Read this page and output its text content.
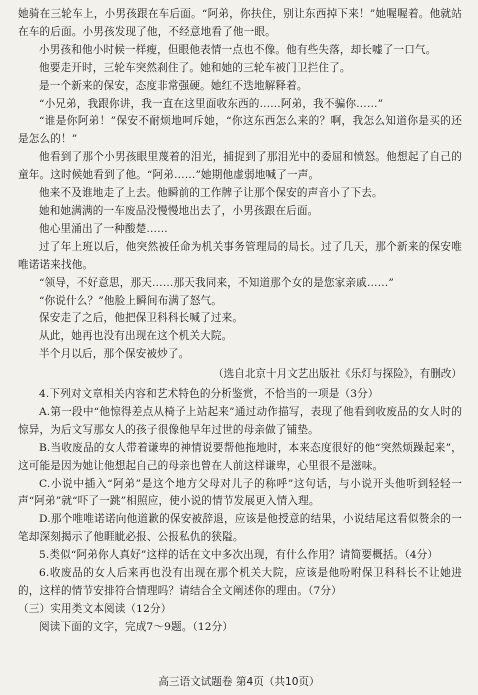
她骑在三轮车上，小男孩跟在车后面。“阿弟，你扶住，别让东西掉下来！”她喔喔着。他就站在车的后面。小男孩发现了他，不经意地看了他一眼。

小男孩和他小时候一样瘦，但眼他表情一点也不像。他有些失落，却长嘘了一口气。

他要走开时，三轮车突然刹住了。她和她的三轮车被门卫拦住了。

是一个新来的保安，态度非常强硬。她红不迭地解释着。

“小兄弟，我跟你讲，我一直在这里面收东西的……阿弟，我不骗你……”

“谁是你阿弟！”保安不耐烦地呵斥她，“你这东西怎么来的？啊，我怎么知道你是买的还是怎么的！”

他看到了那个小男孩眼里蔑着的泪光，捕捉到了那泪光中的委屈和愤怒。他想起了自己的童年。这时候她看到了他。“阿弟……”她期他虚弱地喊了一声。

他来不及谁地走了上去。他瞬前的工作牌子让那个保安的声音小了下去。

她和她满满的一车废品没慢慢地出去了，小男孩跟在后面。

他心里涌出了一种酸楚……

过了年上班以后，他突然被任命为机关事务管理局的局长。过了几天，那个新来的保安唯唯诺诺来找他。

“领导，不好意思，那天……那天我同来，不知道那个女的是您家亲戚……”

“你说什么？”他脸上瞬间布满了怒气。

保安走了之后，他把保卫科科长喊了过来。

从此，她再也没有出现在这个机关大院。

半个月以后，那个保安被炒了。

（选自北京十月文艺出版社《乐灯与探险》，有删改）

4.下列对文章相关内容和艺术特色的分析鉴赏，不恰当的一项是（3分）

A.第一段中“他惊得差点从椅子上站起来”通过动作描写，表现了他看到收废品的女人时的惊异，为后文写那女人的孩子很像他早年过世的母亲做了铺垫。

B.当收废品的女人带着谦卑的神情说要帮他拖地时，本来态度很好的他“突然烦躁起来”，这可能是因为她让他想起自己的母亲也曾在人前这样谦卑，心里很不是滋味。

C.小说中插入“阿弟”是这个地方父母对儿子的称呼”这句话，与小说开头他听到轻轻一声“阿弟”就“吓了一跳”相照应，使小说的情节发展更入情入理。

D.那个唯唯诺诺向他道歉的保安被辞退，应该是他授意的结果，小说结尾这看似赘余的一笔却深刻揭示了他睚眦必报、公报私仇的狭隘。

5.类似“阿弟你人真好”这样的话在文中多次出现，有什么作用？请简要概括。（4分）

6.收废品的女人后来再也没有出现在那个机关大院，应该是他吩咐保卫科科长不让她进的，这样的情节安排符合情理吗？请结合全文阐述你的理由。（7分）

（三）实用类文本阅读（12分）

阅读下面的文字，完成7～9题。（12分）

高三语文试题卷 第4页（共10页）
